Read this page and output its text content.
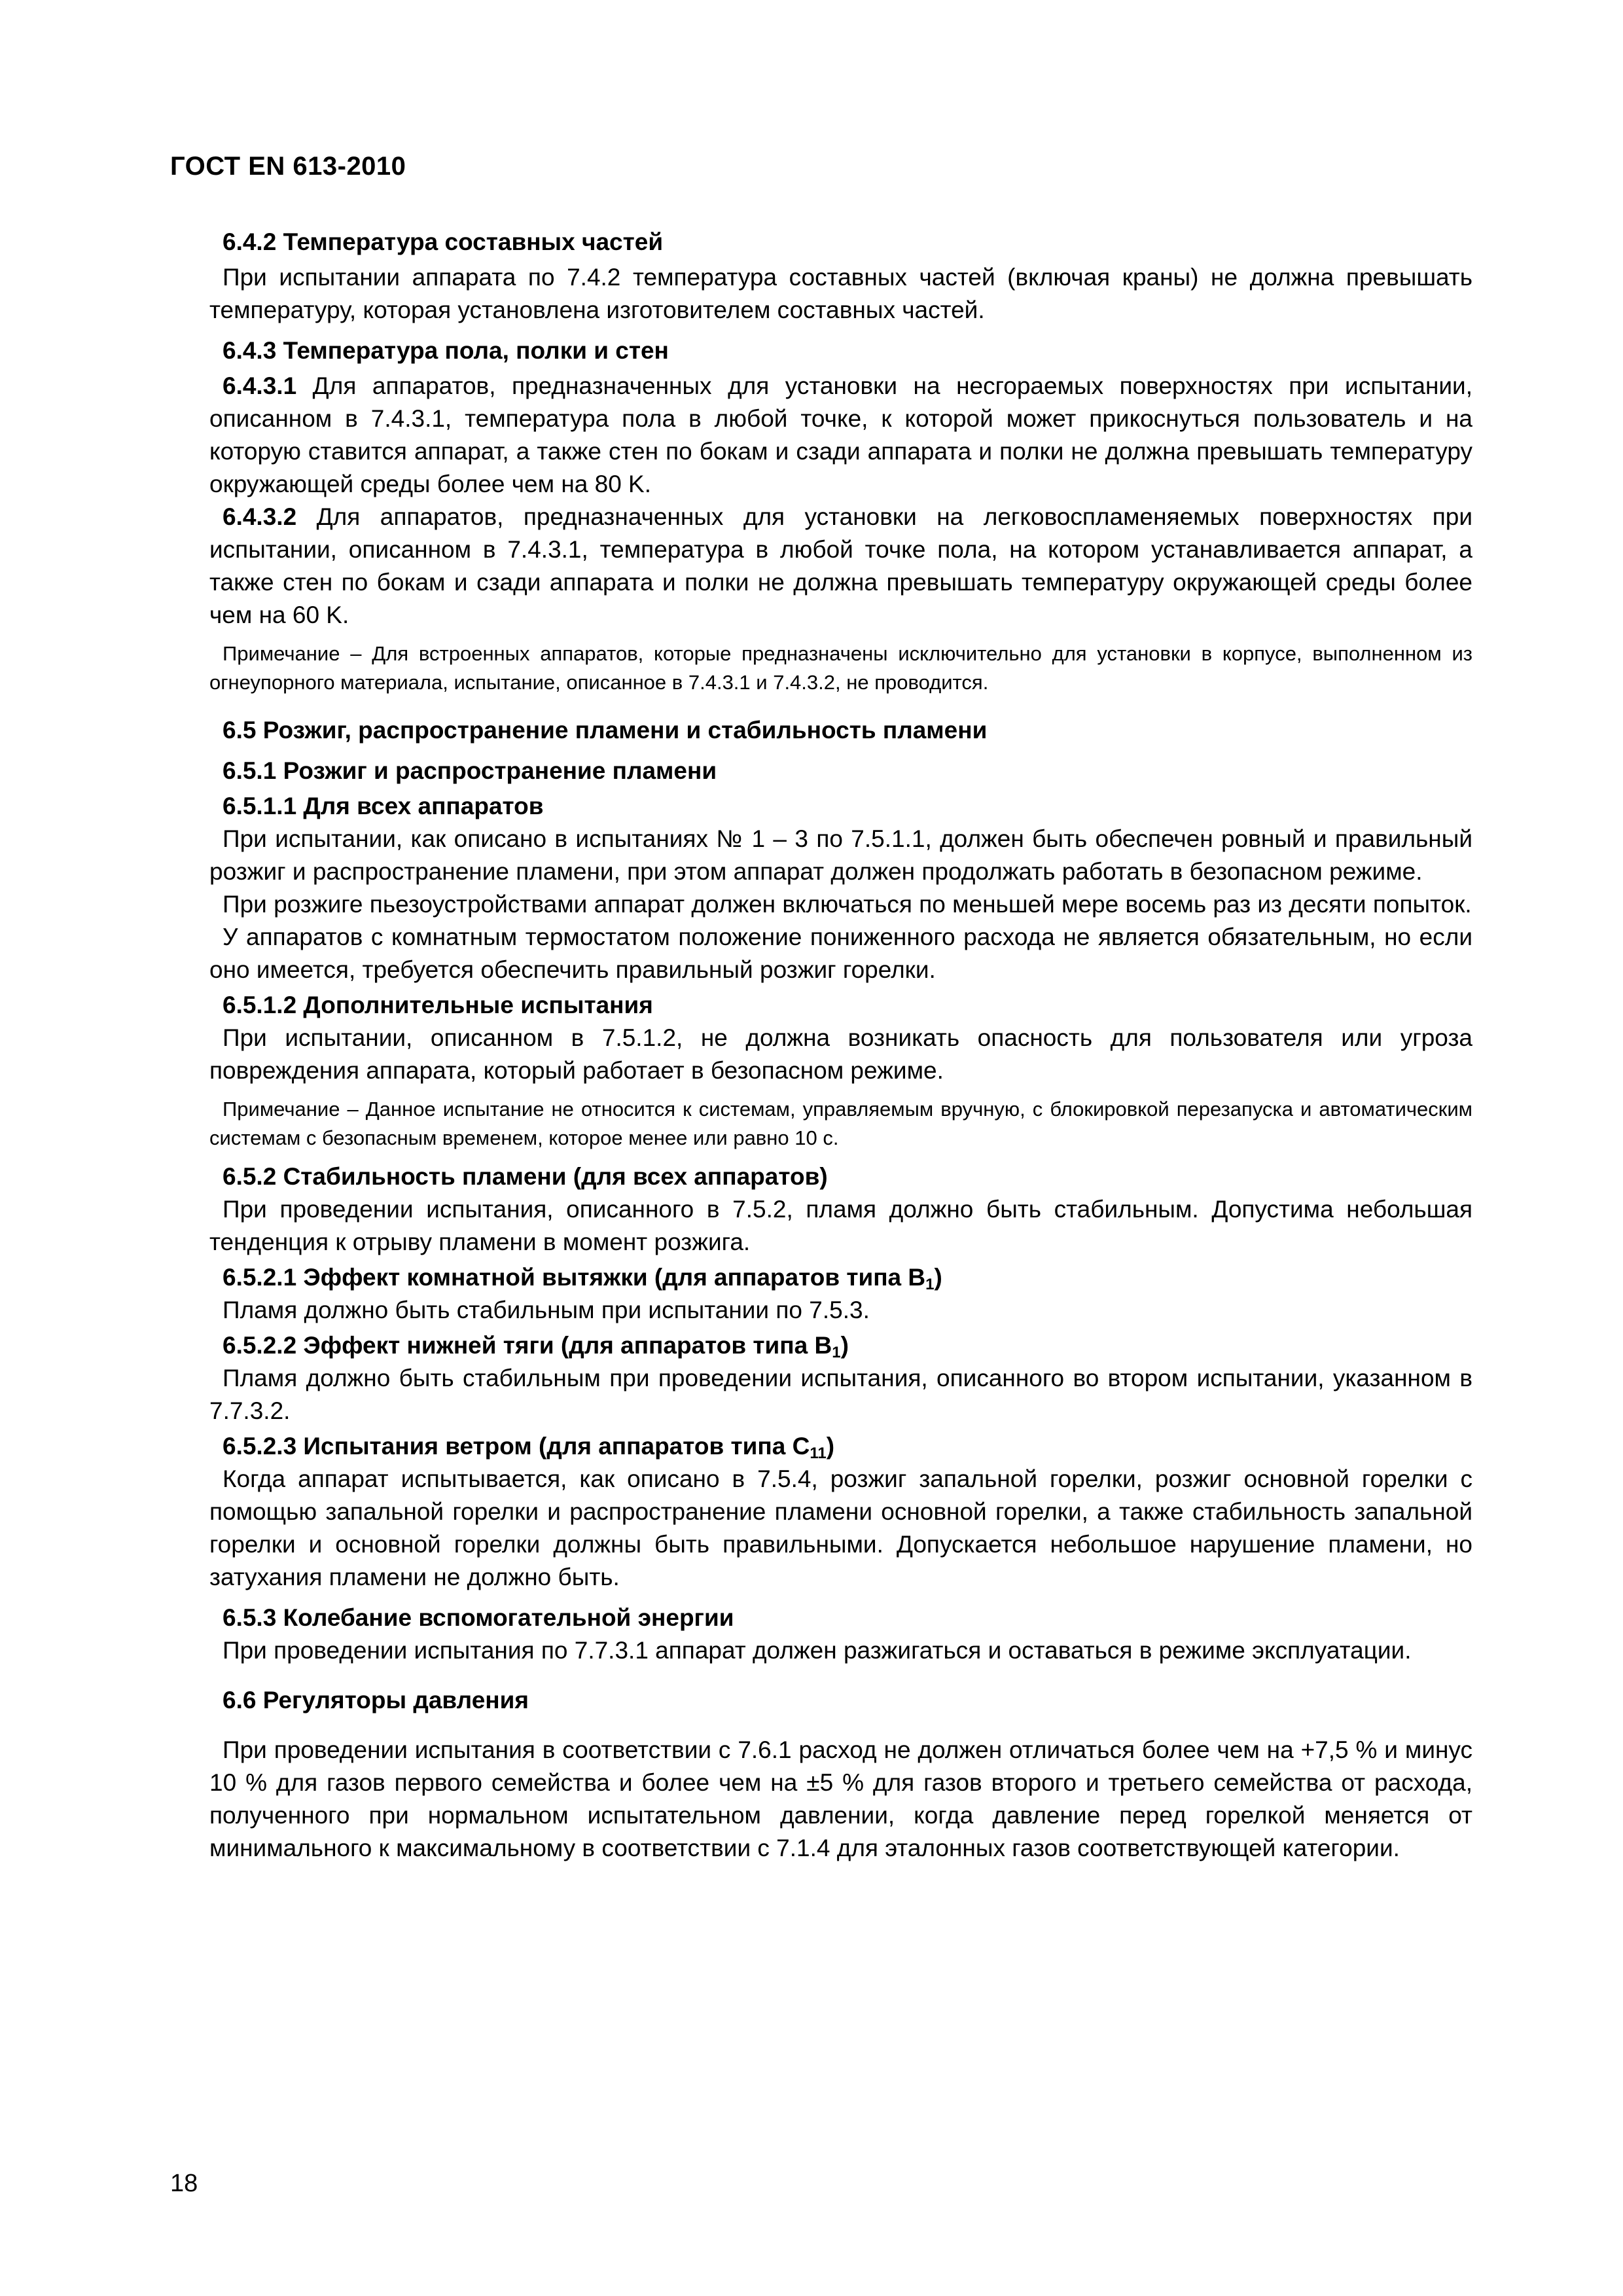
ГОСТ EN 613-2010
6.4.2 Температура составных частей
При испытании аппарата по 7.4.2 температура составных частей (включая краны) не должна превышать температуру, которая установлена изготовителем составных частей.
6.4.3 Температура пола, полки и стен
6.4.3.1 Для аппаратов, предназначенных для установки на несгораемых поверхностях при испытании, описанном в 7.4.3.1, температура пола в любой точке, к которой может прикоснуться пользователь и на которую ставится аппарат, а также стен по бокам и сзади аппарата и полки не должна превышать температуру окружающей среды более чем на 80 K.
6.4.3.2 Для аппаратов, предназначенных для установки на легковоспламеняемых поверхностях при испытании, описанном в 7.4.3.1, температура в любой точке пола, на котором устанавливается аппарат, а также стен по бокам и сзади аппарата и полки не должна превышать температуру окружающей среды более чем на 60 K.
Примечание – Для встроенных аппаратов, которые предназначены исключительно для установки в корпусе, выполненном из огнеупорного материала, испытание, описанное в 7.4.3.1 и 7.4.3.2, не проводится.
6.5 Розжиг, распространение пламени и стабильность пламени
6.5.1 Розжиг и распространение пламени
6.5.1.1 Для всех аппаратов
При испытании, как описано в испытаниях № 1 – 3 по 7.5.1.1, должен быть обеспечен ровный и правильный розжиг и распространение пламени, при этом аппарат должен продолжать работать в безопасном режиме.
При розжиге пьезоустройствами аппарат должен включаться по меньшей мере восемь раз из десяти попыток.
У аппаратов с комнатным термостатом положение пониженного расхода не является обязательным, но если оно имеется, требуется обеспечить правильный розжиг горелки.
6.5.1.2 Дополнительные испытания
При испытании, описанном в 7.5.1.2, не должна возникать опасность для пользователя или угроза повреждения аппарата, который работает в безопасном режиме.
Примечание – Данное испытание не относится к системам, управляемым вручную, с блокировкой перезапуска и автоматическим системам с безопасным временем, которое менее или равно 10 с.
6.5.2 Стабильность пламени (для всех аппаратов)
При проведении испытания, описанного в 7.5.2, пламя должно быть стабильным. Допустима небольшая тенденция к отрыву пламени в момент розжига.
6.5.2.1 Эффект комнатной вытяжки (для аппаратов типа $B_1$)
Пламя должно быть стабильным при испытании по 7.5.3.
6.5.2.2 Эффект нижней тяги (для аппаратов типа $B_1$)
Пламя должно быть стабильным при проведении испытания, описанного во втором испытании, указанном в 7.7.3.2.
6.5.2.3 Испытания ветром (для аппаратов типа $C_{11}$)
Когда аппарат испытывается, как описано в 7.5.4, розжиг запальной горелки, розжиг основной горелки с помощью запальной горелки и распространение пламени основной горелки, а также стабильность запальной горелки и основной горелки должны быть правильными. Допускается небольшое нарушение пламени, но затухания пламени не должно быть.
6.5.3 Колебание вспомогательной энергии
При проведении испытания по 7.7.3.1 аппарат должен разжигаться и оставаться в режиме эксплуатации.
6.6 Регуляторы давления
При проведении испытания в соответствии с 7.6.1 расход не должен отличаться более чем на +7,5 % и минус 10 % для газов первого семейства и более чем на ±5 % для газов второго и третьего семейства от расхода, полученного при нормальном испытательном давлении, когда давление перед горелкой меняется от минимального к максимальному в соответствии с 7.1.4 для эталонных газов соответствующей категории.
18
